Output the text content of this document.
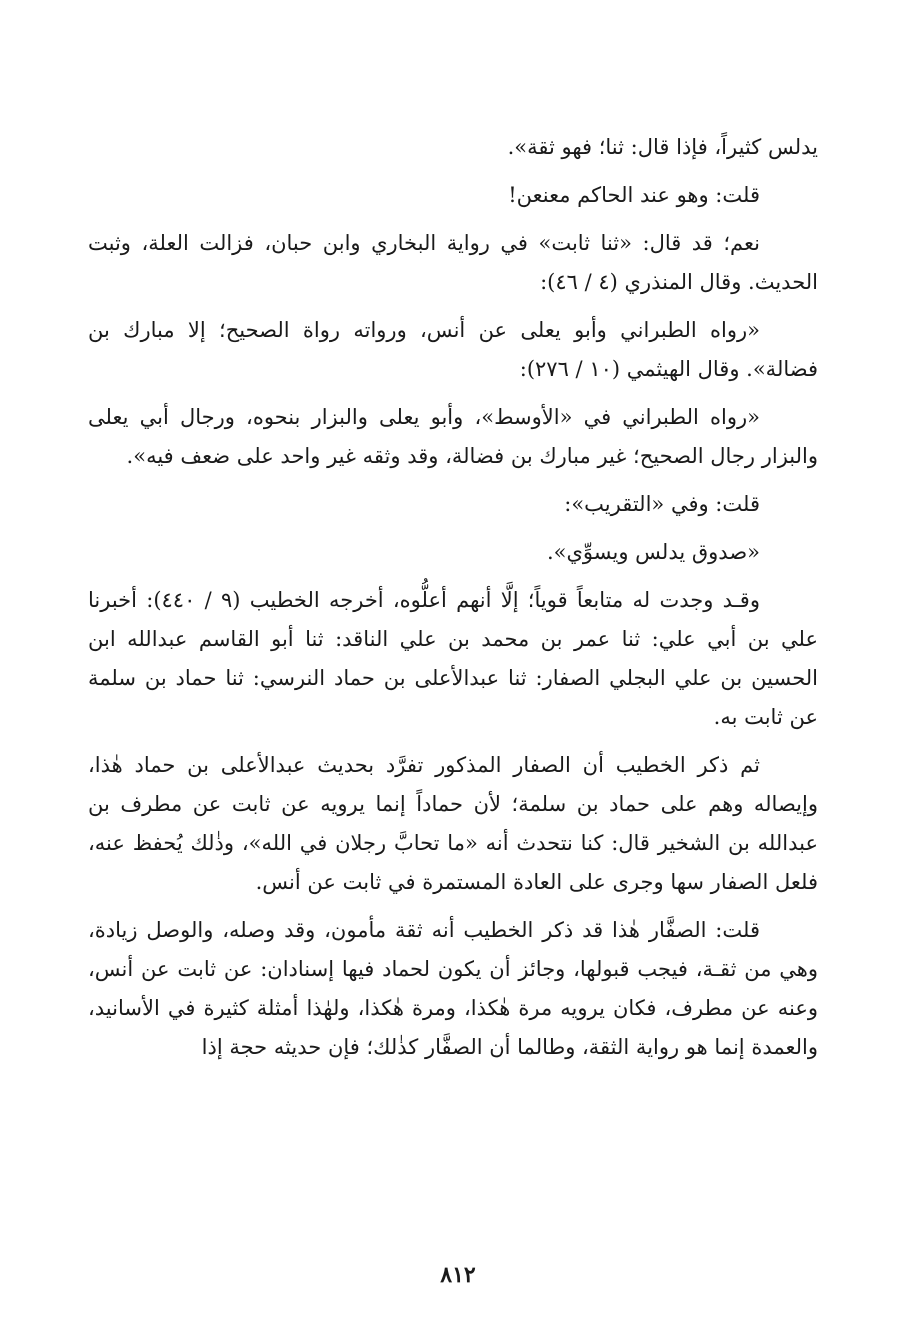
يدلس كثيراً، فإذا قال: ثنا؛ فهو ثقة».

قلت: وهو عند الحاكم معنعن!

نعم؛ قد قال: «ثنا ثابت» في رواية البخاري وابن حبان، فزالت العلة، وثبت الحديث. وقال المنذري (٤ / ٤٦):

«رواه الطبراني وأبو يعلى عن أنس، ورواته رواة الصحيح؛ إلا مبارك بن فضالة». وقال الهيثمي (١٠ / ٢٧٦):

«رواه الطبراني في «الأوسط»، وأبو يعلى والبزار بنحوه، ورجال أبي يعلى والبزار رجال الصحيح؛ غير مبارك بن فضالة، وقد وثقه غير واحد على ضعف فيه».

قلت: وفي «التقريب»:

«صدوق يدلس ويسوِّي».

وقـد وجدت له متابعاً قوياً؛ إلَّا أنهم أعلُّوه، أخرجه الخطيب (٩ / ٤٤٠): أخبرنا علي بن أبي علي: ثنا عمر بن محمد بن علي الناقد: ثنا أبو القاسم عبدالله ابن الحسين بن علي البجلي الصفار: ثنا عبدالأعلى بن حماد النرسي: ثنا حماد بن سلمة عن ثابت به.

ثم ذكر الخطيب أن الصفار المذكور تفرَّد بحديث عبدالأعلى بن حماد هٰذا، وإيصاله وهم على حماد بن سلمة؛ لأن حماداً إنما يرويه عن ثابت عن مطرف بن عبدالله بن الشخير قال: كنا نتحدث أنه «ما تحابَّ رجلان في الله»، وذٰلك يُحفظ عنه، فلعل الصفار سها وجرى على العادة المستمرة في ثابت عن أنس.

قلت: الصفَّار هٰذا قد ذكر الخطيب أنه ثقة مأمون، وقد وصله، والوصل زيادة، وهي من ثقـة، فيجب قبولها، وجائز أن يكون لحماد فيها إسنادان: عن ثابت عن أنس، وعنه عن مطرف، فكان يرويه مرة هٰكذا، ومرة هٰكذا، ولهٰذا أمثلة كثيرة في الأسانيد، والعمدة إنما هو رواية الثقة، وطالما أن الصفَّار كذٰلك؛ فإن حديثه حجة إذا

٨١٢
